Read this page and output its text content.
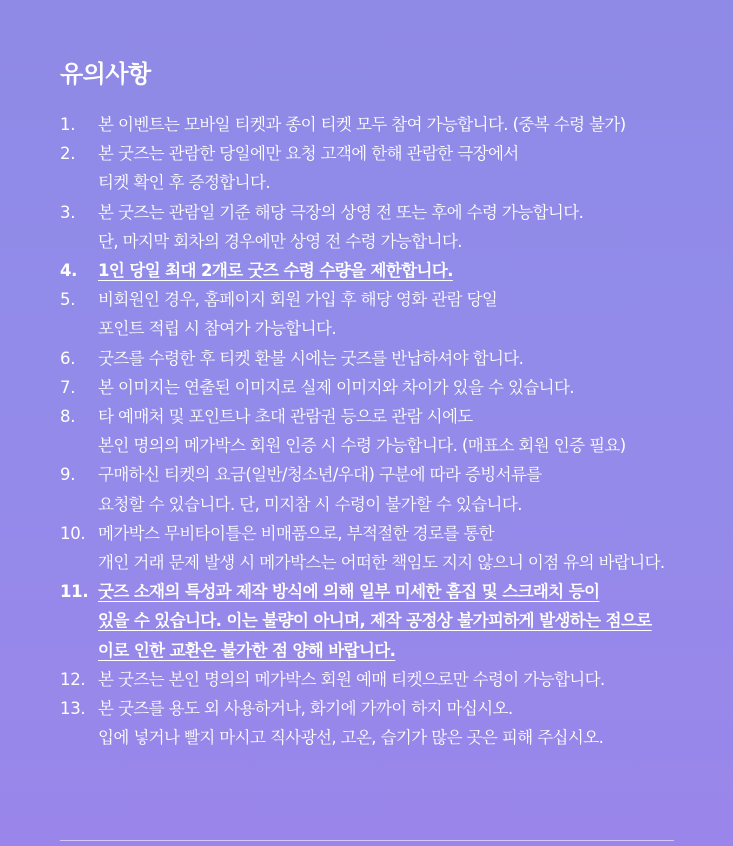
유의사항
1.	본 이벤트는 모바일 티켓과 종이 티켓 모두 참여 가능합니다. (중복 수령 불가)
2.	본 굿즈는 관람한 당일에만 요청 고객에 한해 관람한 극장에서
티켓 확인 후 증정합니다.
3.	본 굿즈는 관람일 기준 해당 극장의 상영 전 또는 후에 수령 가능합니다.
단, 마지막 회차의 경우에만 상영 전 수령 가능합니다.
4.	1인 당일 최대 2개로 굿즈 수령 수량을 제한합니다.
5.	비회원인 경우, 홈페이지 회원 가입 후 해당 영화 관람 당일
포인트 적립 시 참여가 가능합니다.
6.	굿즈를 수령한 후 티켓 환불 시에는 굿즈를 반납하셔야 합니다.
7.	본 이미지는 연출된 이미지로 실제 이미지와 차이가 있을 수 있습니다.
8.	타 예매처 및 포인트나 초대 관람권 등으로 관람 시에도
본인 명의의 메가박스 회원 인증 시 수령 가능합니다. (매표소 회원 인증 필요)
9.	구매하신 티켓의 요금(일반/청소년/우대) 구분에 따라 증빙서류를
요청할 수 있습니다. 단, 미지참 시 수령이 불가할 수 있습니다.
10. 메가박스 무비타이틀은 비매품으로, 부적절한 경로를 통한
개인 거래 문제 발생 시 메가박스는 어떠한 책임도 지지 않으니 이점 유의 바랍니다.
11. 굿즈 소재의 특성과 제작 방식에 의해 일부 미세한 흠집 및 스크래치 등이
있을 수 있습니다. 이는 불량이 아니며, 제작 공정상 불가피하게 발생하는 점으로
이로 인한 교환은 불가한 점 양해 바랍니다.
12. 본 굿즈는 본인 명의의 메가박스 회원 예매 티켓으로만 수령이 가능합니다.
13. 본 굿즈를 용도 외 사용하거나, 화기에 가까이 하지 마십시오.
입에 넣거나 빨지 마시고 직사광선, 고온, 습기가 많은 곳은 피해 주십시오.
